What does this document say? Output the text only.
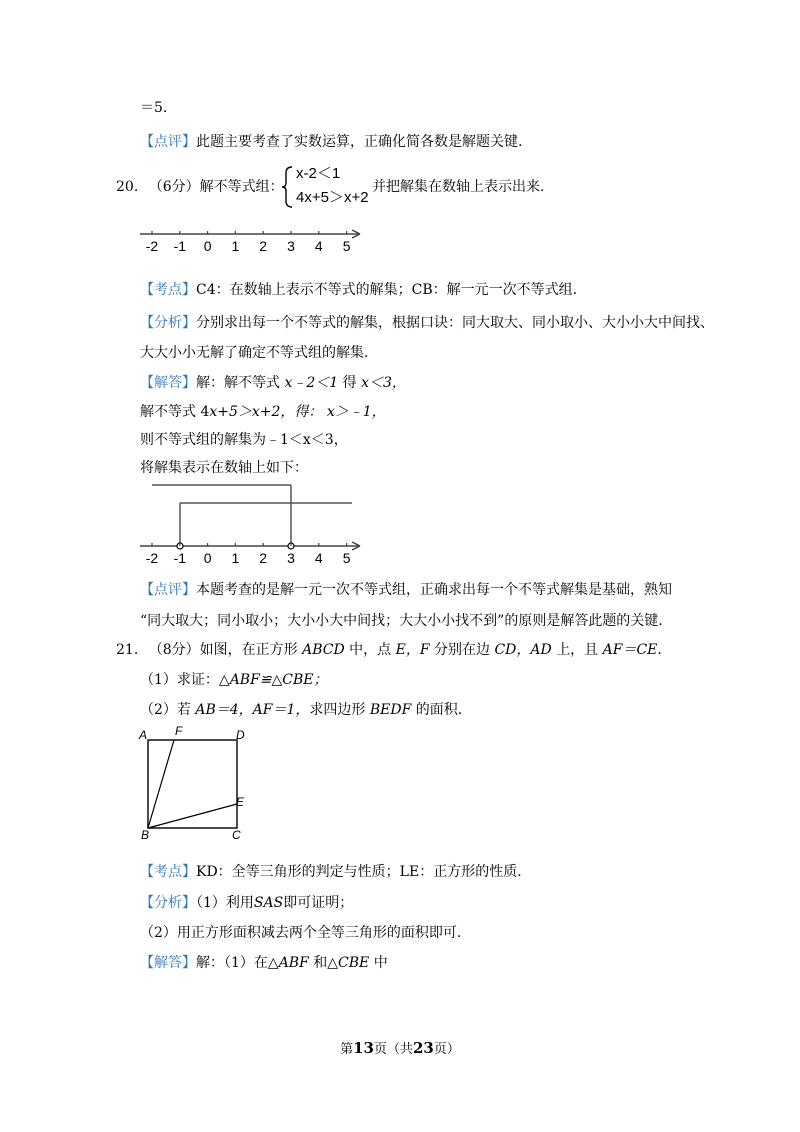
＝5.
【点评】此题主要考查了实数运算，正确化简各数是解题关键.
20. （6分）解不等式组：
x-2＜1
4x+5＞x+2
并把解集在数轴上表示出来.
-2 -1 0 1 2 3 4 5
【考点】C4：在数轴上表示不等式的解集；CB：解一元一次不等式组.
【分析】分别求出每一个不等式的解集，根据口诀：同大取大、同小取小、大小小大中间找、
大大小小无解了确定不等式组的解集.
【解答】解：解不等式 x﹣2＜1 得 x＜3，
解不等式 4x+5＞x+2，得： x＞﹣1，
则不等式组的解集为﹣1＜x＜3，
将解集表示在数轴上如下：
-2 -1 0 1 2 3 4 5
【点评】本题考查的是解一元一次不等式组，正确求出每一个不等式解集是基础，熟知
“同大取大；同小取小；大小小大中间找；大大小小找不到”的原则是解答此题的关键.
21. （8分）如图，在正方形 ABCD 中，点 E，F 分别在边 CD，AD 上，且 AF＝CE.
（1）求证：△ABF≌△CBE；
（2）若 AB＝4，AF＝1，求四边形 BEDF 的面积.
A F	D
E
B	C
【考点】KD：全等三角形的判定与性质；LE：正方形的性质.
【分析】（1）利用SAS即可证明；
（2）用正方形面积减去两个全等三角形的面积即可.
【解答】解：（1）在△ABF 和△CBE 中
第13页（共23页）
